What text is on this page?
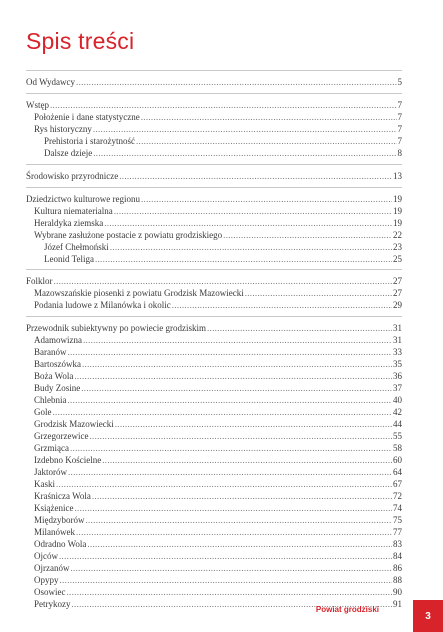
Spis treści
Od Wydawcy .....	5
Wstęp .....	7
Położenie i dane statystyczne .....	7
Rys historyczny .....	7
Prehistoria i starożytność .....	7
Dalsze dzieje .....	8
Środowisko przyrodnicze .....	13
Dziedzictwo kulturowe regionu .....	19
Kultura niematerialna .....	19
Heraldyka ziemska .....	19
Wybrane zasłużone postacie z powiatu grodziskiego .....	22
Józef Chełmoński .....	23
Leonid Teliga .....	25
Folklor .....	27
Mazowszańskie piosenki z powiatu Grodzisk Mazowiecki .....	27
Podania ludowe z Milanówka i okolic .....	29
Przewodnik subiektywny po powiecie grodziskim .....	31
Adamowizna .....	31
Baranów .....	33
Bartoszówka .....	35
Boża Wola .....	36
Budy Zosine .....	37
Chlebnia .....	40
Gole .....	42
Grodzisk Mazowiecki .....	44
Grzegorzewice .....	55
Grzmiąca .....	58
Izdebno Kościelne .....	60
Jaktorów .....	64
Kaski .....	67
Kraśnicza Wola .....	72
Książenice .....	74
Międzyborów .....	75
Milanówek .....	77
Odradno Wola .....	83
Ojców .....	84
Ojrzanów .....	86
Opypy .....	88
Osowiec .....	90
Petrykozy .....	91
Powiat grodziski
3
